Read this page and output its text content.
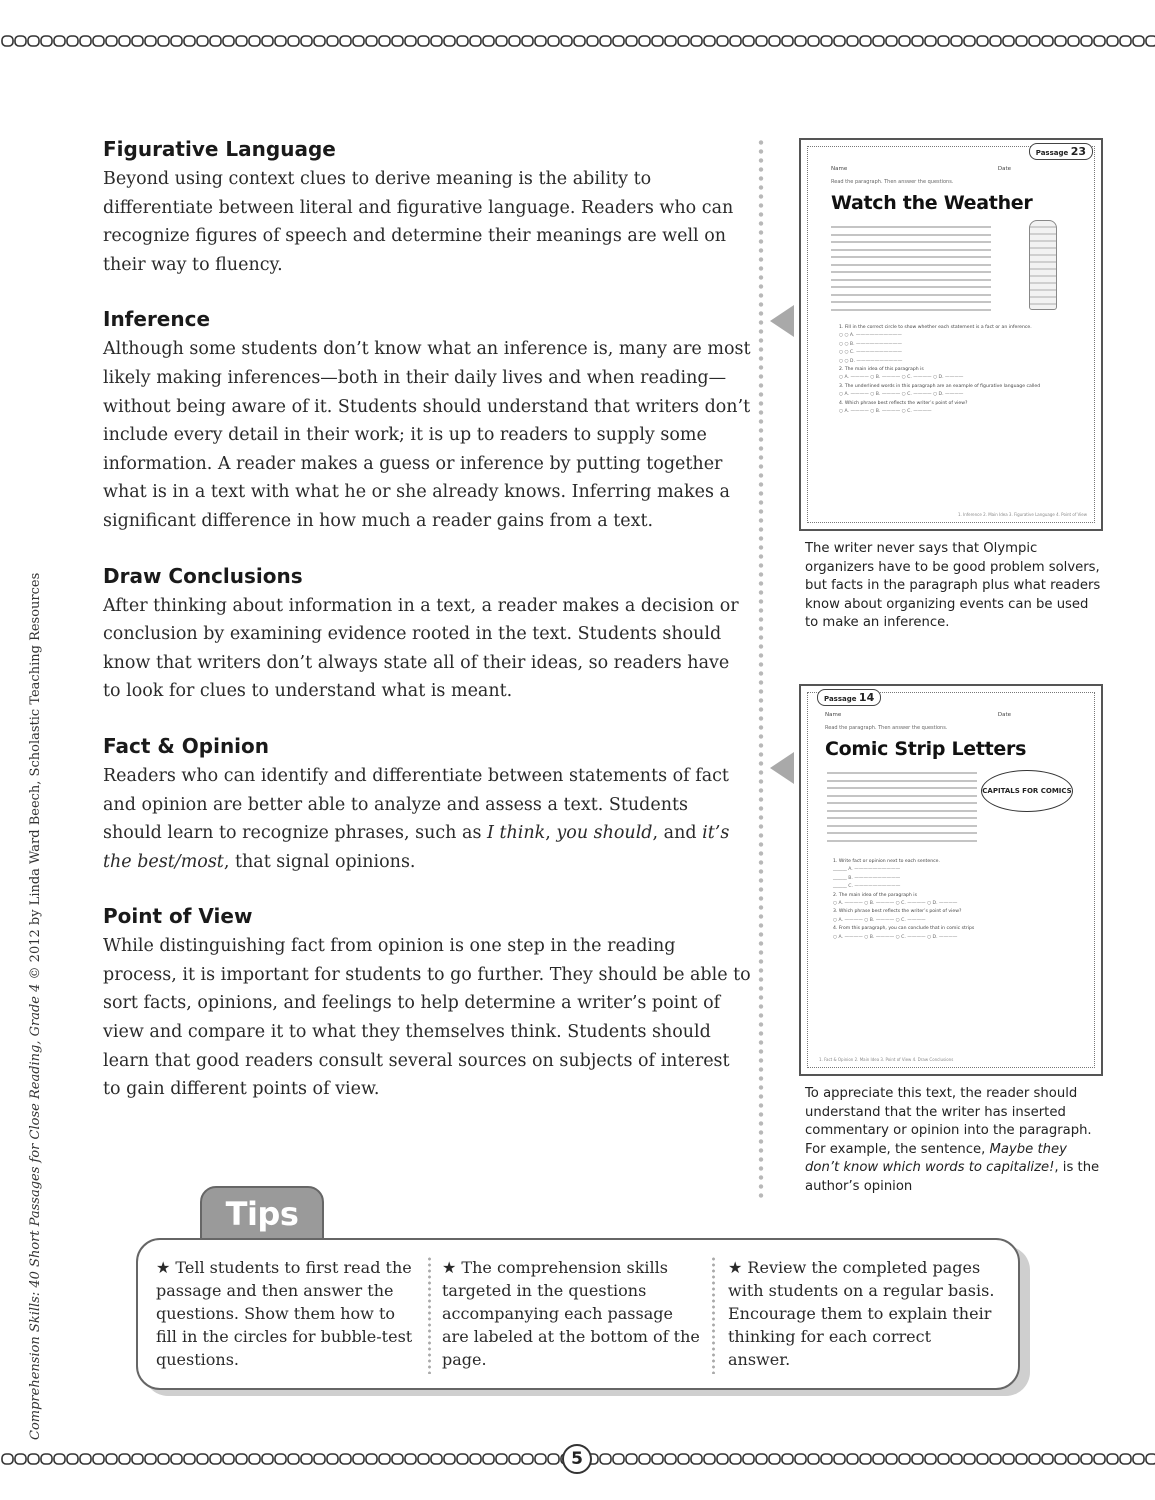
5
Comprehension Skills: 40 Short Passages for Close Reading, Grade 4 © 2012 by Linda Ward Beech, Scholastic Teaching Resources
Figurative Language
Beyond using context clues to derive meaning is the ability to differentiate between literal and figurative language. Readers who can recognize figures of speech and determine their meanings are well on their way to fluency.
Inference
Although some students don’t know what an inference is, many are most likely making inferences—both in their daily lives and when reading—without being aware of it. Students should understand that writers don’t include every detail in their work; it is up to readers to supply some information. A reader makes a guess or inference by putting together what is in a text with what he or she already knows. Inferring makes a significant difference in how much a reader gains from a text.
Draw Conclusions
After thinking about information in a text, a reader makes a decision or conclusion by examining evidence rooted in the text. Students should know that writers don’t always state all of their ideas, so readers have to look for clues to understand what is meant.
Fact & Opinion
Readers who can identify and differentiate between statements of fact and opinion are better able to analyze and assess a text. Students should learn to recognize phrases, such as I think, you should, and it’s the best/most, that signal opinions.
Point of View
While distinguishing fact from opinion is one step in the reading process, it is important for students to go further. They should be able to sort facts, opinions, and feelings to help determine a writer’s point of view and compare it to what they themselves think. Students should learn that good readers consult several sources on subjects of interest to gain different points of view.
Passage 23
Name	Date
Read the paragraph. Then answer the questions.
Watch the Weather
1. Fill in the correct circle to show whether each statement is a fact or an inference.
○ ○ A. ——————————
○ ○ B. ——————————
○ ○ C. ——————————
○ ○ D. ——————————
2. The main idea of this paragraph is
○ A. ———— ○ B. ———— ○ C. ———— ○ D. ————
3. The underlined words in this paragraph are an example of figurative language called
○ A. ———— ○ B. ———— ○ C. ———— ○ D. ————
4. Which phrase best reflects the writer’s point of view?
○ A. ———— ○ B. ———— ○ C. ————
1. Inference 2. Main Idea 3. Figurative Language 4. Point of View
The writer never says that Olympic organizers have to be good problem solvers, but facts in the paragraph plus what readers know about organizing events can be used to make an inference.
Passage 14
Name	Date
Read the paragraph. Then answer the questions.
Comic Strip Letters
CAPITALS FOR COMICS
1. Write fact or opinion next to each sentence.
______ A. ——————————
______ B. ——————————
______ C. ——————————
2. The main idea of the paragraph is
○ A. ———— ○ B. ———— ○ C. ———— ○ D. ————
3. Which phrase best reflects the writer’s point of view?
○ A. ———— ○ B. ———— ○ C. ————
4. From this paragraph, you can conclude that in comic strips
○ A. ———— ○ B. ———— ○ C. ———— ○ D. ————
1. Fact & Opinion 2. Main Idea 3. Point of View 4. Draw Conclusions
To appreciate this text, the reader should understand that the writer has inserted commentary or opinion into the paragraph. For example, the sentence, Maybe they don’t know which words to capitalize!, is the author’s opinion
Tips
★ Tell students to first read the passage and then answer the questions. Show them how to fill in the circles for bubble-test questions.
★ The comprehension skills targeted in the questions accompanying each passage are labeled at the bottom of the page.
★ Review the completed pages with students on a regular basis. Encourage them to explain their thinking for each correct answer.
